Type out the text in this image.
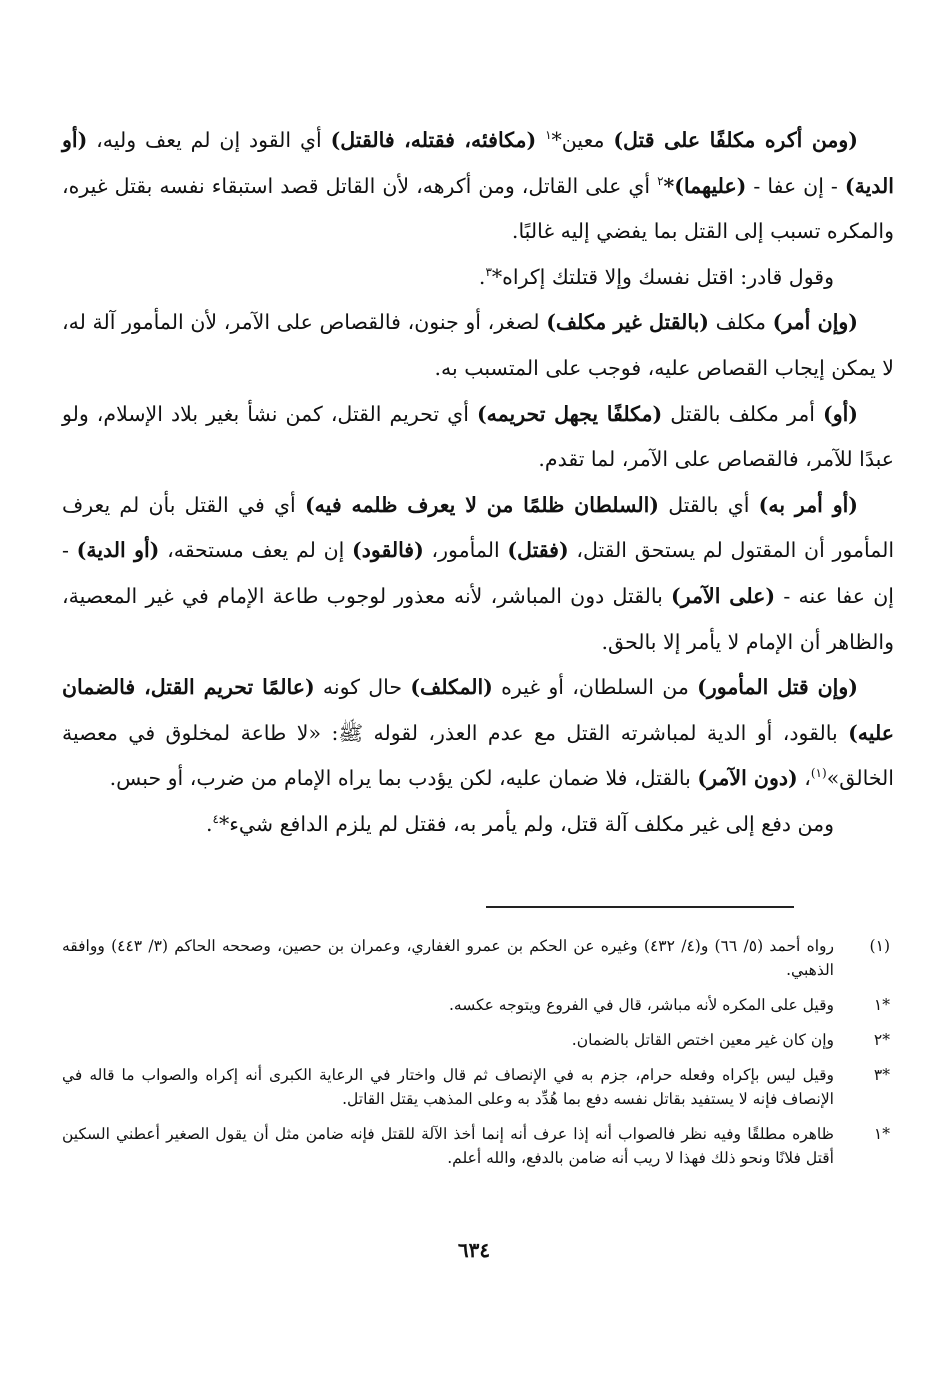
(ومن أكره مكلفًا على قتل) معين*$^١$ (مكافئه، فقتله، فالقتل) أي القود إن لم يعف وليه، (أو الدية) - إن عفا - (عليهما)*$^٢$ أي على القاتل، ومن أكرهه، لأن القاتل قصد استبقاء نفسه بقتل غيره، والمكره تسبب إلى القتل بما يفضي إليه غالبًا.

وقول قادر: اقتل نفسك وإلا قتلتك إكراه*$^٣$.

(وإن أمر) مكلف (بالقتل غير مكلف) لصغر، أو جنون، فالقصاص على الآمر، لأن المأمور آلة له، لا يمكن إيجاب القصاص عليه، فوجب على المتسبب به.

(أو) أمر مكلف بالقتل (مكلفًا يجهل تحريمه) أي تحريم القتل، كمن نشأ بغير بلاد الإسلام، ولو عبدًا للآمر، فالقصاص على الآمر، لما تقدم.

(أو أمر به) أي بالقتل (السلطان ظلمًا من لا يعرف ظلمه فيه) أي في القتل بأن لم يعرف المأمور أن المقتول لم يستحق القتل، (فقتل) المأمور، (فالقود) إن لم يعف مستحقه، (أو الدية) - إن عفا عنه - (على الآمر) بالقتل دون المباشر، لأنه معذور لوجوب طاعة الإمام في غير المعصية، والظاهر أن الإمام لا يأمر إلا بالحق.

(وإن قتل المأمور) من السلطان، أو غيره (المكلف) حال كونه (عالمًا تحريم القتل، فالضمان عليه) بالقود، أو الدية لمباشرته القتل مع عدم العذر، لقوله ﷺ: «لا طاعة لمخلوق في معصية الخالق»$^{(١)}$، (دون الآمر) بالقتل، فلا ضمان عليه، لكن يؤدب بما يراه الإمام من ضرب، أو حبس.

ومن دفع إلى غير مكلف آلة قتل، ولم يأمر به، فقتل لم يلزم الدافع شيء*$^٤$.

(١)
رواه أحمد (٥/ ٦٦) و(٤/ ٤٣٢) وغيره عن الحكم بن عمرو الغفاري، وعمران بن حصين، وصححه الحاكم (٣/ ٤٤٣) ووافقه الذهبي.
*١
وقيل على المكره لأنه مباشر، قال في الفروع ويتوجه عكسه.
*٢
وإن كان غير معين اختص القاتل بالضمان.
*٣
وقيل ليس بإكراه وفعله حرام، جزم به في الإنصاف ثم قال واختار في الرعاية الكبرى أنه إكراه والصواب ما قاله في الإنصاف فإنه لا يستفيد بقاتل نفسه دفع بما هُدِّد به وعلى المذهب يقتل القاتل.
*١
ظاهره مطلقًا وفيه نظر فالصواب أنه إذا عرف أنه إنما أخذ الآلة للقتل فإنه ضامن مثل أن يقول الصغير أعطني السكين أقتل فلانًا ونحو ذلك فهذا لا ريب أنه ضامن بالدفع، والله أعلم.
٦٣٤
